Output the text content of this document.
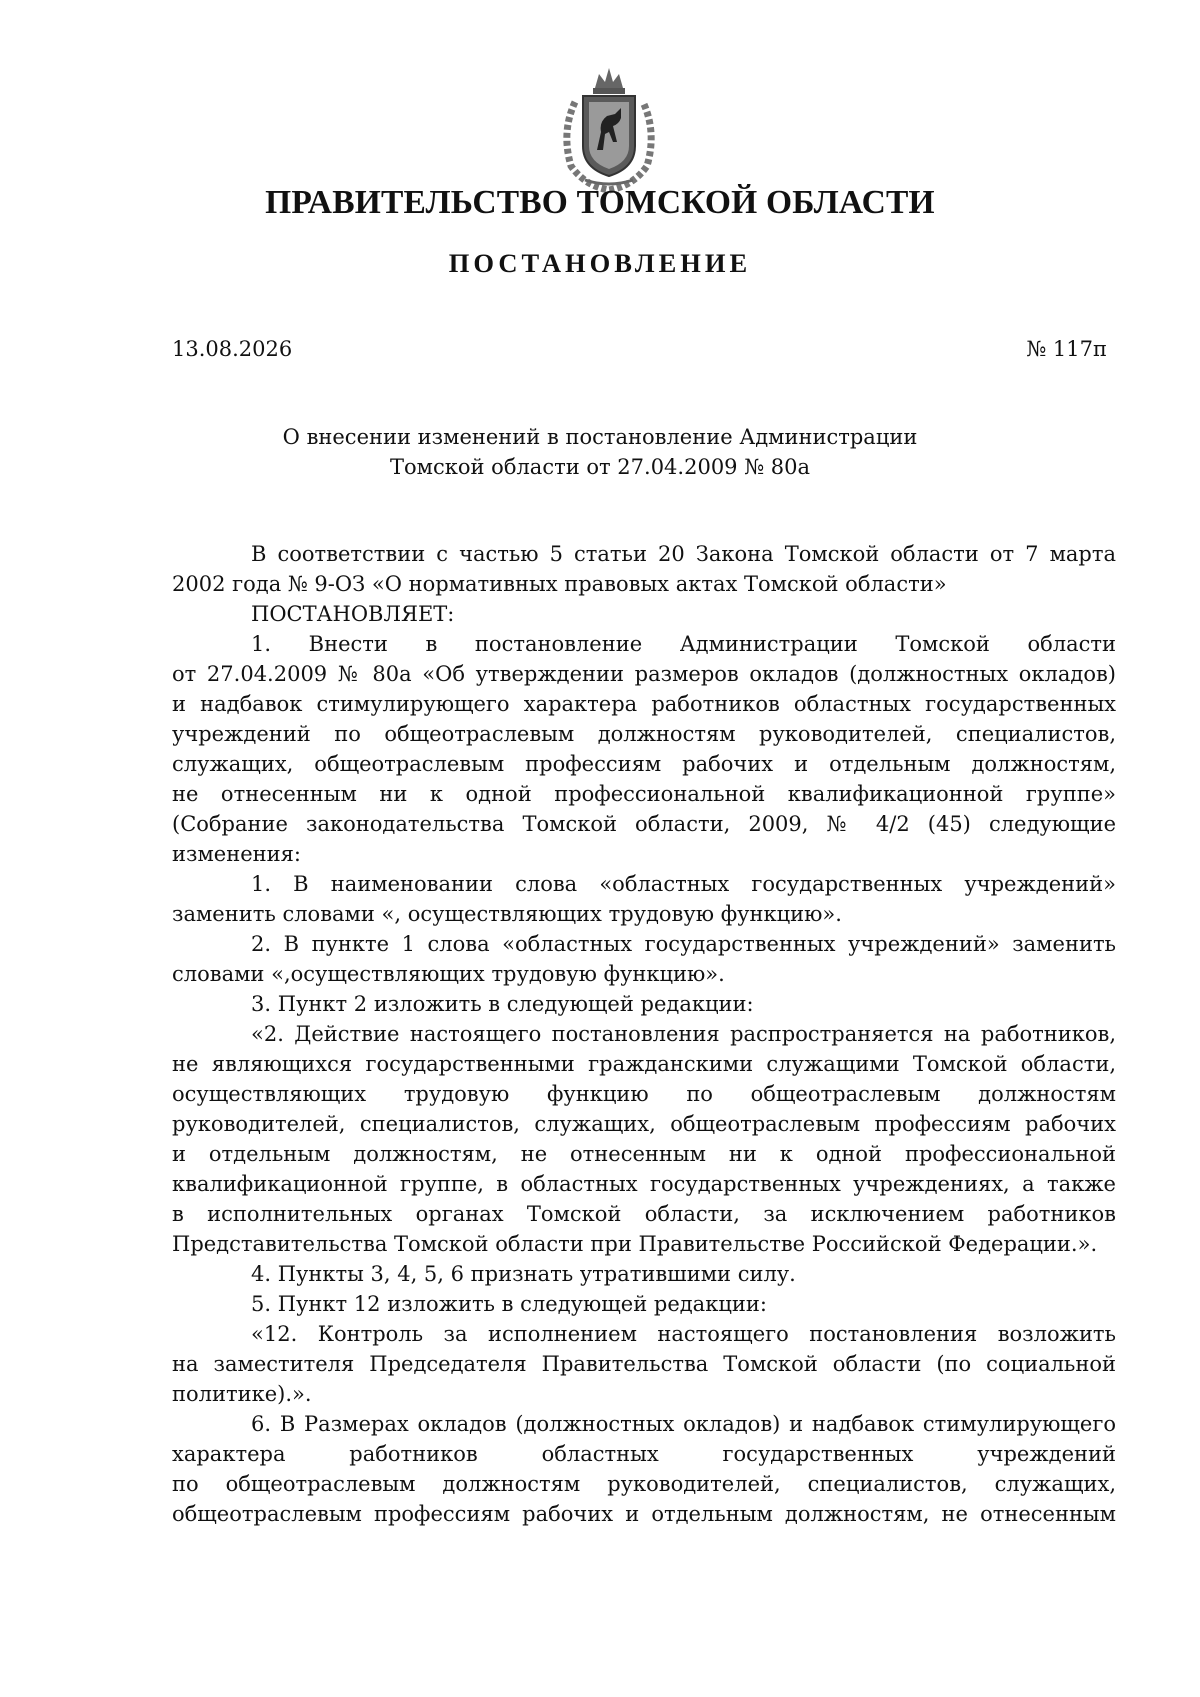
ПРАВИТЕЛЬСТВО ТОМСКОЙ ОБЛАСТИ
ПОСТАНОВЛЕНИЕ
13.08.2026	№ 117п
О внесении изменений в постановление Администрации
Томской области от 27.04.2009 № 80а
В соответствии с частью 5 статьи 20 Закона Томской области от 7 марта
2002 года № 9-ОЗ «О нормативных правовых актах Томской области»
ПОСТАНОВЛЯЕТ:
1. Внести в постановление Администрации Томской области
от 27.04.2009 № 80а «Об утверждении размеров окладов (должностных окладов)
и надбавок стимулирующего характера работников областных государственных
учреждений по общеотраслевым должностям руководителей, специалистов,
служащих, общеотраслевым профессиям рабочих и отдельным должностям,
не отнесенным ни к одной профессиональной квалификационной группе»
(Собрание законодательства Томской области, 2009, № 4/2 (45) следующие
изменения:
1. В наименовании слова «областных государственных учреждений»
заменить словами «, осуществляющих трудовую функцию».
2. В пункте 1 слова «областных государственных учреждений» заменить
словами «,осуществляющих трудовую функцию».
3. Пункт 2 изложить в следующей редакции:
«2. Действие настоящего постановления распространяется на работников,
не являющихся государственными гражданскими служащими Томской области,
осуществляющих трудовую функцию по общеотраслевым должностям
руководителей, специалистов, служащих, общеотраслевым профессиям рабочих
и отдельным должностям, не отнесенным ни к одной профессиональной
квалификационной группе, в областных государственных учреждениях, а также
в исполнительных органах Томской области, за исключением работников
Представительства Томской области при Правительстве Российской Федерации.».
4. Пункты 3, 4, 5, 6 признать утратившими силу.
5. Пункт 12 изложить в следующей редакции:
«12. Контроль за исполнением настоящего постановления возложить
на заместителя Председателя Правительства Томской области (по социальной
политике).».
6. В Размерах окладов (должностных окладов) и надбавок стимулирующего
характера работников областных государственных учреждений
по общеотраслевым должностям руководителей, специалистов, служащих,
общеотраслевым профессиям рабочих и отдельным должностям, не отнесенным
